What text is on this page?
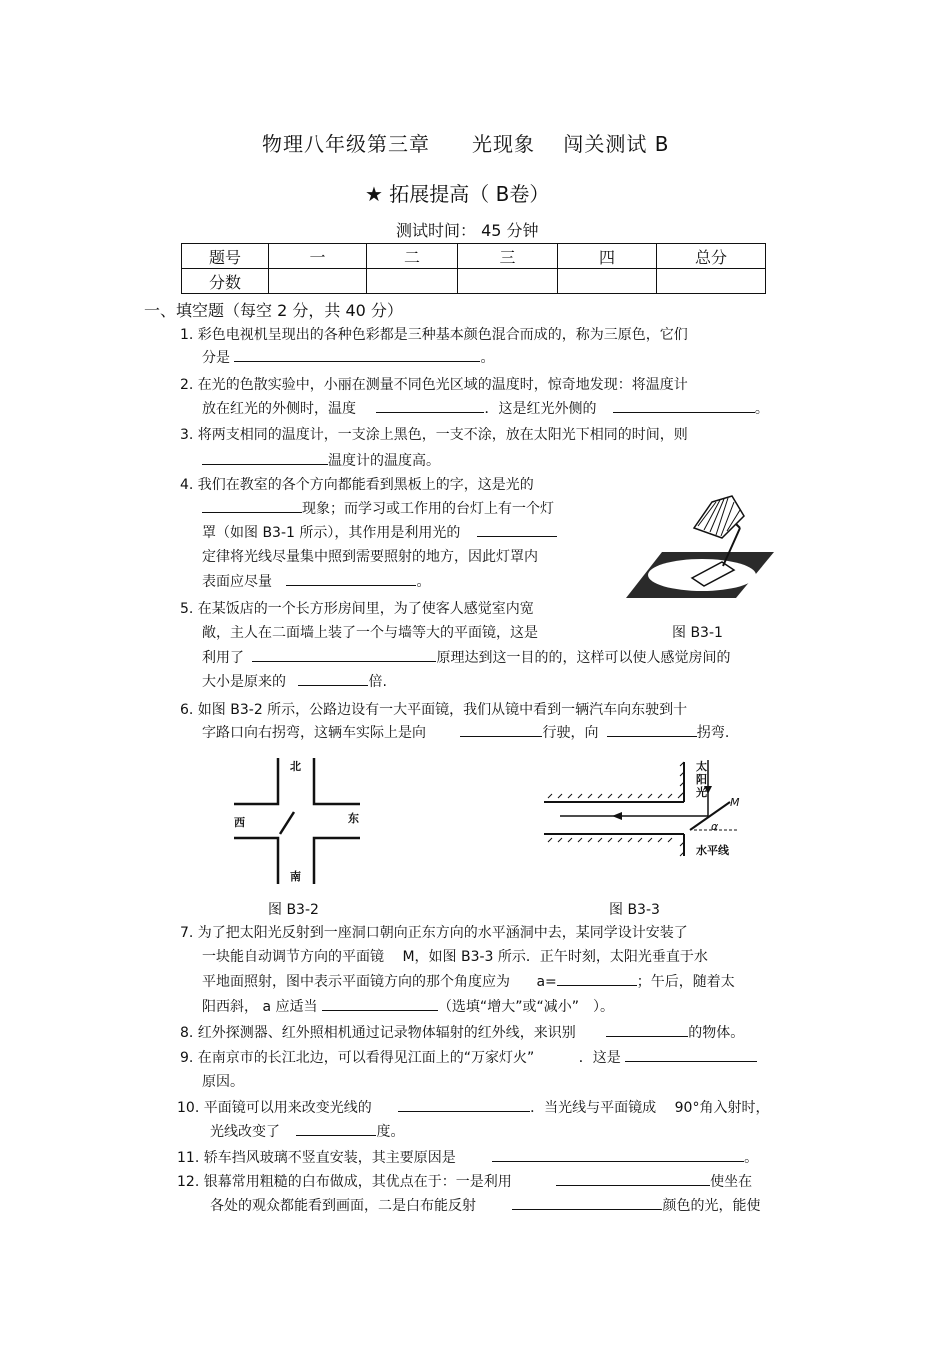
物理八年级第三章　　光现象　 闯关测试 B
★ 拓展提高（ B卷）
测试时间： 45 分钟
题号	一	二	三	四	总分
分数					
一、填空题（每空 2 分，共 40 分）
1. 彩色电视机呈现出的各种色彩都是三种基本颜色混合而成的，称为三原色，它们
分是	。
2. 在光的色散实验中，小丽在测量不同色光区域的温度时，惊奇地发现：将温度计
放在红光的外侧时，温度	．这是红光外侧的	。
3. 将两支相同的温度计，一支涂上黑色，一支不涂，放在太阳光下相同的时间，则
温度计的温度高。
4. 我们在教室的各个方向都能看到黑板上的字，这是光的
现象；而学习或工作用的台灯上有一个灯
罩（如图 B3-1 所示），其作用是利用光的
定律将光线尽量集中照到需要照射的地方，因此灯罩内
表面应尽量	。
图 B3-1
5. 在某饭店的一个长方形房间里，为了使客人感觉室内宽
敞，主人在二面墙上装了一个与墙等大的平面镜，这是
利用了	原理达到这一目的的，这样可以使人感觉房间的
大小是原来的	倍.
6. 如图 B3-2 所示，公路边设有一大平面镜，我们从镜中看到一辆汽车向东驶到十
字路口向右拐弯，这辆车实际上是向	行驶，向	拐弯.
北
南
东
西
图 B3-2
太 阳 光
M
α
水平线
图 B3-3
7. 为了把太阳光反射到一座洞口朝向正东方向的水平涵洞中去，某同学设计安装了
一块能自动调节方向的平面镜 　M，如图 B3-3 所示．正午时刻，太阳光垂直于水
平地面照射，图中表示平面镜方向的那个角度应为 a=	；午后，随着太
阳西斜， a 应适当	（选填“增大”或“减小”　）。
8. 红外探测器、红外照相机通过记录物体辐射的红外线，来识别	的物体。
9. 在南京市的长江北边，可以看得见江面上的“万家灯火”	．这是
原因。
10. 平面镜可以用来改变光线的	．当光线与平面镜成 90°角入射时，
光线改变了	度。
11. 轿车挡风玻璃不竖直安装，其主要原因是	。
12. 银幕常用粗糙的白布做成，其优点在于：一是利用	使坐在
各处的观众都能看到画面，二是白布能反射	颜色的光，能使
